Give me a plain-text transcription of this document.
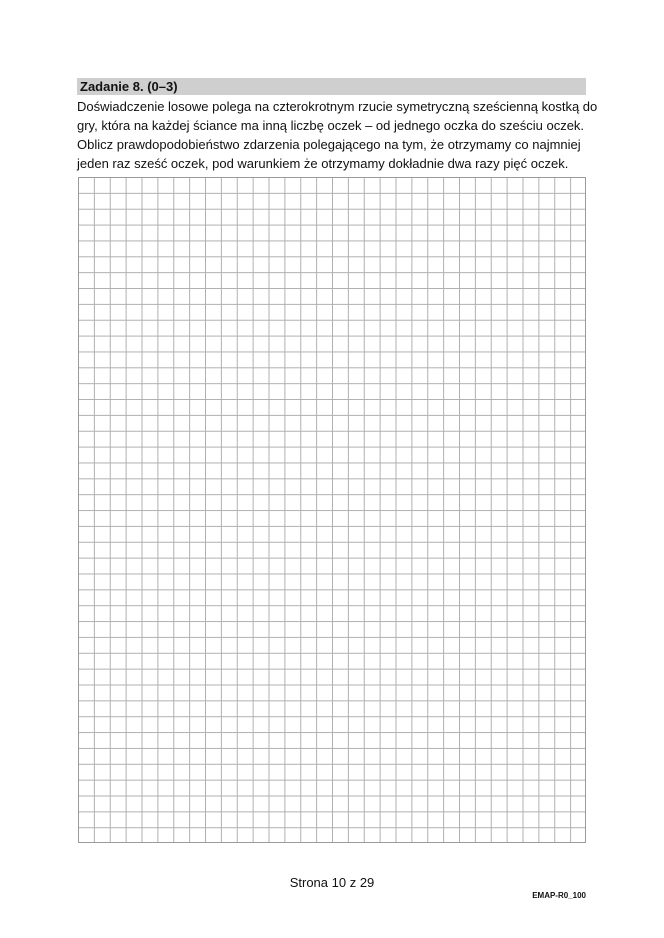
Zadanie 8. (0–3)

Doświadczenie losowe polega na czterokrotnym rzucie symetryczną sześcienną kostką do

gry, która na każdej ściance ma inną liczbę oczek – od jednego oczka do sześciu oczek.

Oblicz prawdopodobieństwo zdarzenia polegającego na tym, że otrzymamy co najmniej

jeden raz sześć oczek, pod warunkiem że otrzymamy dokładnie dwa razy pięć oczek.

Strona 10 z 29
EMAP-R0_100
